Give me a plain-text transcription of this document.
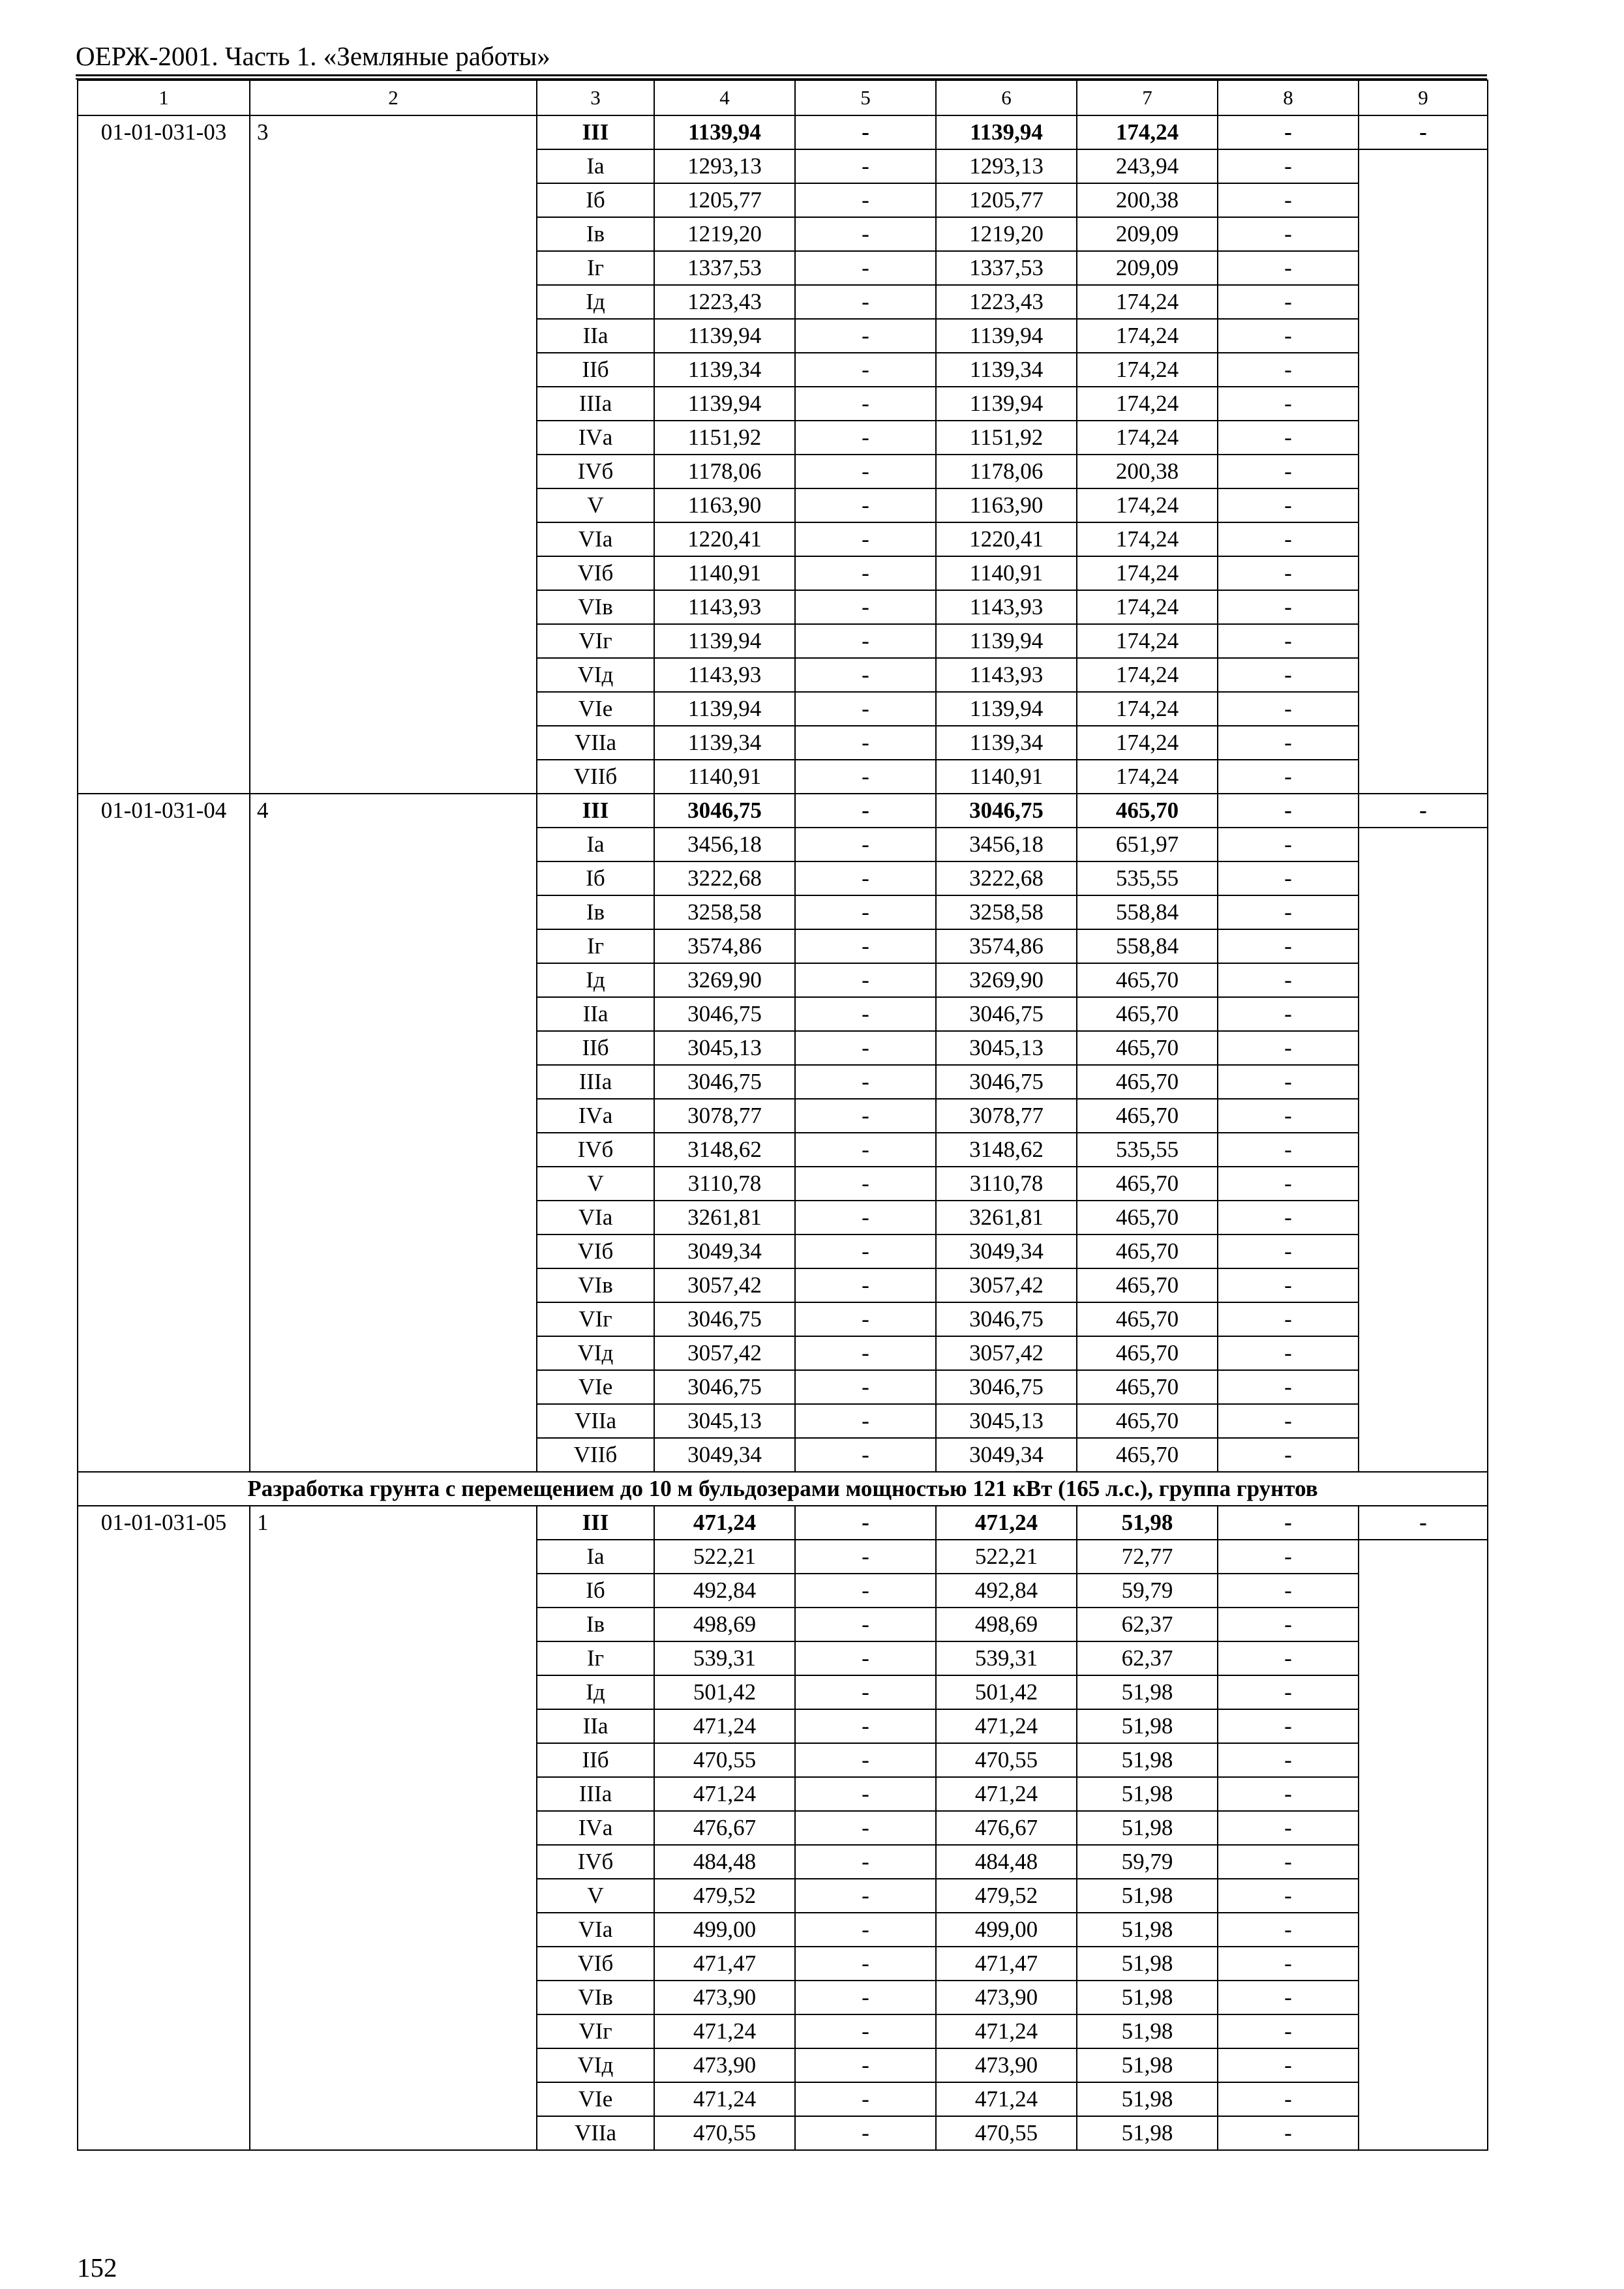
ОЕРЖ-2001. Часть 1. «Земляные работы»
1	2	3	4	5	6	7	8	9
01-01-031-03	3	III	1139,94	-	1139,94	174,24	-	-
		Iа	1293,13	-	1293,13	243,94	-	
		Iб	1205,77	-	1205,77	200,38	-	
		Iв	1219,20	-	1219,20	209,09	-	
		Iг	1337,53	-	1337,53	209,09	-	
		Iд	1223,43	-	1223,43	174,24	-	
		IIа	1139,94	-	1139,94	174,24	-	
		IIб	1139,34	-	1139,34	174,24	-	
		IIIа	1139,94	-	1139,94	174,24	-	
		IVа	1151,92	-	1151,92	174,24	-	
		IVб	1178,06	-	1178,06	200,38	-	
		V	1163,90	-	1163,90	174,24	-	
		VIа	1220,41	-	1220,41	174,24	-	
		VIб	1140,91	-	1140,91	174,24	-	
		VIв	1143,93	-	1143,93	174,24	-	
		VIг	1139,94	-	1139,94	174,24	-	
		VIд	1143,93	-	1143,93	174,24	-	
		VIе	1139,94	-	1139,94	174,24	-	
		VIIа	1139,34	-	1139,34	174,24	-	
		VIIб	1140,91	-	1140,91	174,24	-	
01-01-031-04	4	III	3046,75	-	3046,75	465,70	-	-
		Iа	3456,18	-	3456,18	651,97	-	
		Iб	3222,68	-	3222,68	535,55	-	
		Iв	3258,58	-	3258,58	558,84	-	
		Iг	3574,86	-	3574,86	558,84	-	
		Iд	3269,90	-	3269,90	465,70	-	
		IIа	3046,75	-	3046,75	465,70	-	
		IIб	3045,13	-	3045,13	465,70	-	
		IIIа	3046,75	-	3046,75	465,70	-	
		IVа	3078,77	-	3078,77	465,70	-	
		IVб	3148,62	-	3148,62	535,55	-	
		V	3110,78	-	3110,78	465,70	-	
		VIа	3261,81	-	3261,81	465,70	-	
		VIб	3049,34	-	3049,34	465,70	-	
		VIв	3057,42	-	3057,42	465,70	-	
		VIг	3046,75	-	3046,75	465,70	-	
		VIд	3057,42	-	3057,42	465,70	-	
		VIе	3046,75	-	3046,75	465,70	-	
		VIIа	3045,13	-	3045,13	465,70	-	
		VIIб	3049,34	-	3049,34	465,70	-	
Разработка грунта с перемещением до 10 м бульдозерами мощностью 121 кВт (165 л.с.), группа грунтов								
01-01-031-05	1	III	471,24	-	471,24	51,98	-	-
		Iа	522,21	-	522,21	72,77	-	
		Iб	492,84	-	492,84	59,79	-	
		Iв	498,69	-	498,69	62,37	-	
		Iг	539,31	-	539,31	62,37	-	
		Iд	501,42	-	501,42	51,98	-	
		IIа	471,24	-	471,24	51,98	-	
		IIб	470,55	-	470,55	51,98	-	
		IIIа	471,24	-	471,24	51,98	-	
		IVа	476,67	-	476,67	51,98	-	
		IVб	484,48	-	484,48	59,79	-	
		V	479,52	-	479,52	51,98	-	
		VIа	499,00	-	499,00	51,98	-	
		VIб	471,47	-	471,47	51,98	-	
		VIв	473,90	-	473,90	51,98	-	
		VIг	471,24	-	471,24	51,98	-	
		VIд	473,90	-	473,90	51,98	-	
		VIе	471,24	-	471,24	51,98	-	
		VIIа	470,55	-	470,55	51,98	-	
152
